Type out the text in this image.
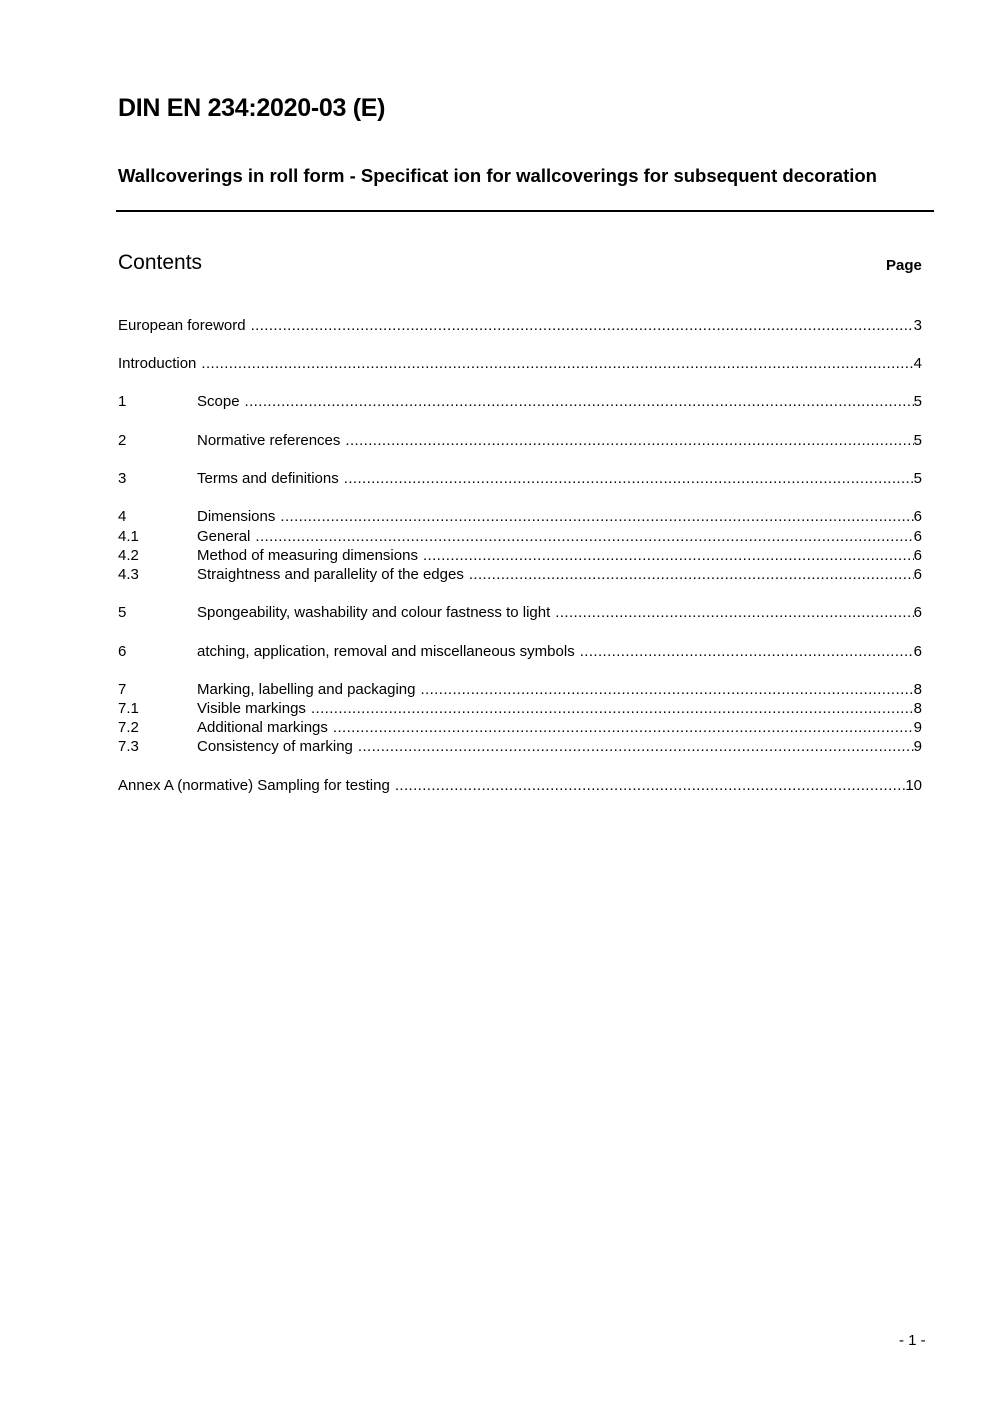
DIN EN 234:2020-03 (E)
Wallcoverings in roll form - Specificat ion for wallcoverings for subsequent decoration
Contents	Page
European foreword .....	3
Introduction .....	4
1	Scope .....	5
2	Normative references .....	5
3	Terms and definitions .....	5
4	Dimensions .....	6
4.1	General .....	6
4.2	Method of measuring dimensions .....	6
4.3	Straightness and parallelity of the edges .....	6
5	Spongeability, washability and colour fastness to light .....	6
6	atching, application, removal and miscellaneous symbols .....	6
7	Marking, labelling and packaging .....	8
7.1	Visible markings .....	8
7.2	Additional markings .....	9
7.3	Consistency of marking .....	9
Annex A (normative) Sampling for testing .....	10
- 1 -
